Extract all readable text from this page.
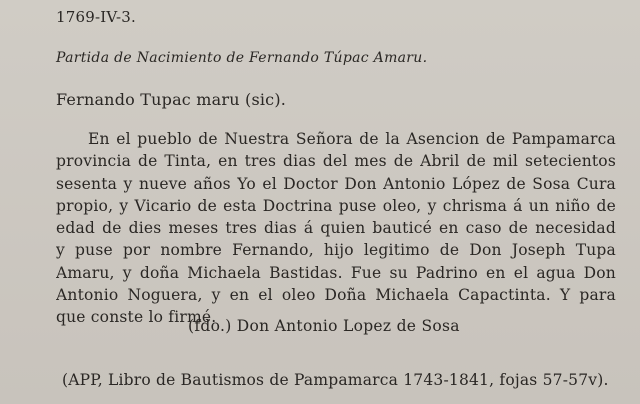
1769-IV-3.
Partida de Nacimiento de Fernando Túpac Amaru.
Fernando Tupac maru (sic).
En el pueblo de Nuestra Señora de la Asencion de Pampamarca
provincia de Tinta, en tres dias del mes de Abril de mil setecientos
sesenta y nueve años Yo el Doctor Don Antonio López de Sosa Cura
propio, y Vicario de esta Doctrina puse oleo, y chrisma á un niño de
edad de dies meses tres dias á quien bauticé en caso de necesidad
y puse por nombre Fernando, hijo legitimo de Don Joseph Tupa
Amaru, y doña Michaela Bastidas. Fue su Padrino en el agua Don
Antonio Noguera, y en el oleo Doña Michaela Capactinta. Y para
que conste lo firmé.
(fdo.) Don Antonio Lopez de Sosa
(APP, Libro de Bautismos de Pampamarca 1743-1841, fojas 57-57v).
